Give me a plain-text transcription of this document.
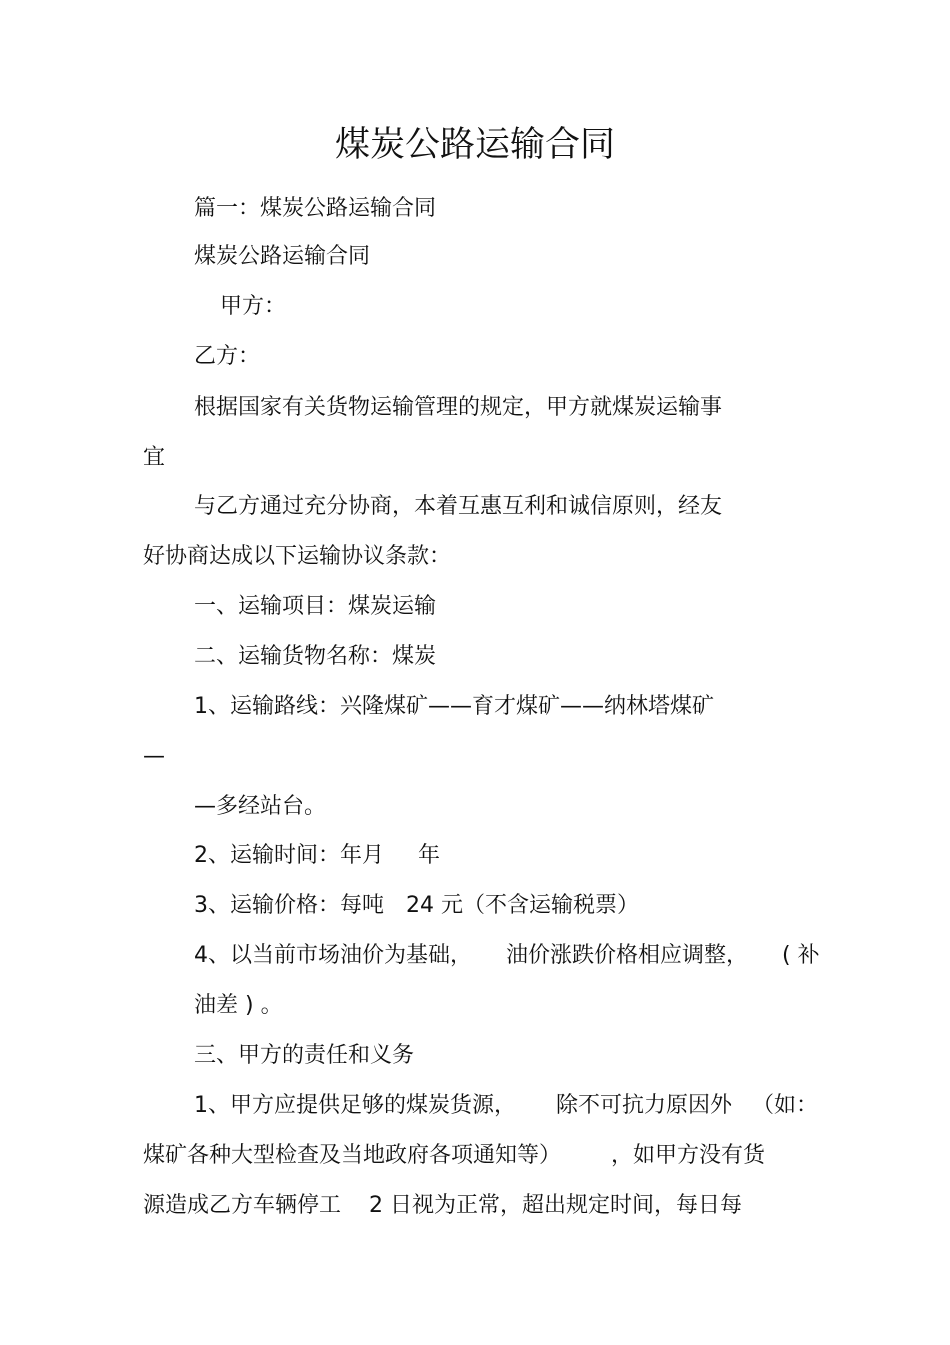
煤炭公路运输合同
篇一：煤炭公路运输合同
煤炭公路运输合同
甲方：
乙方：
根据国家有关货物运输管理的规定，甲方就煤炭运输事
宜
与乙方通过充分协商，本着互惠互利和诚信原则，经友
好协商达成以下运输协议条款：
一、运输项目：煤炭运输
二、运输货物名称：煤炭
1、运输路线：兴隆煤矿——育才煤矿——纳林塔煤矿
—
—多经站台。
2、运输时间：年月 年
3、运输价格：每吨 24 元（不含运输税票）
4、以当前市场油价为基础， 油价涨跌价格相应调整， ( 补
油差 ) 。
三、甲方的责任和义务
1、甲方应提供足够的煤炭货源， 除不可抗力原因外 （如：
煤矿各种大型检查及当地政府各项通知等） ，如甲方没有货
源造成乙方车辆停工 2 日视为正常，超出规定时间，每日每
